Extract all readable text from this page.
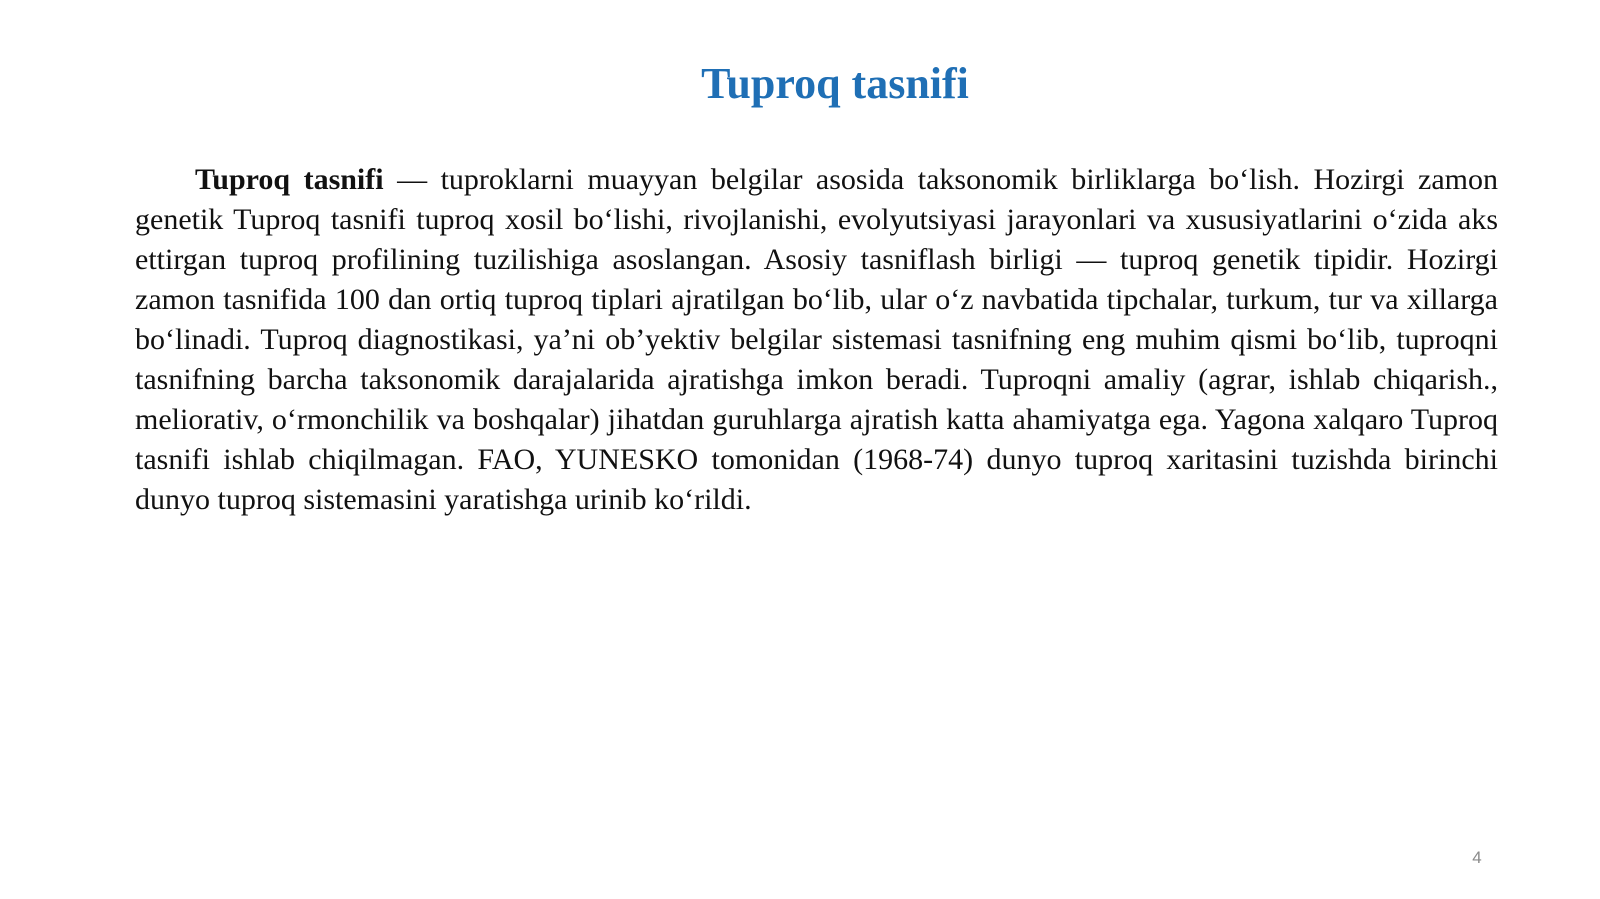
Tuproq tasnifi

Tuproq tasnifi — tuproklarni muayyan belgilar asosida taksonomik birliklarga bo‘lish. Hozirgi zamon genetik Tuproq tasnifi tuproq xosil bo‘lishi, rivojlanishi, evolyutsiyasi jarayonlari va xususiyatlarini o‘zida aks ettirgan tuproq profilining tuzilishiga asoslangan. Asosiy tasniflash birligi — tuproq genetik tipidir. Hozirgi zamon tasnifida 100 dan ortiq tuproq tiplari ajratilgan bo‘lib, ular o‘z navbatida tipchalar, turkum, tur va xillarga bo‘linadi. Tuproq diagnostikasi, ya’ni ob’yektiv belgilar sistemasi tasnifning eng muhim qismi bo‘lib, tuproqni tasnifning barcha taksonomik darajalarida ajratishga imkon beradi. Tuproqni amaliy (agrar, ishlab chiqarish., meliorativ, o‘rmonchilik va boshqalar) jihatdan guruhlarga ajratish katta ahamiyatga ega. Yagona xalqaro Tuproq tasnifi ishlab chiqilmagan. FAO, YUNESKO tomonidan (1968-74) dunyo tuproq xaritasini tuzishda birinchi dunyo tuproq sistemasini yaratishga urinib ko‘rildi.

4
